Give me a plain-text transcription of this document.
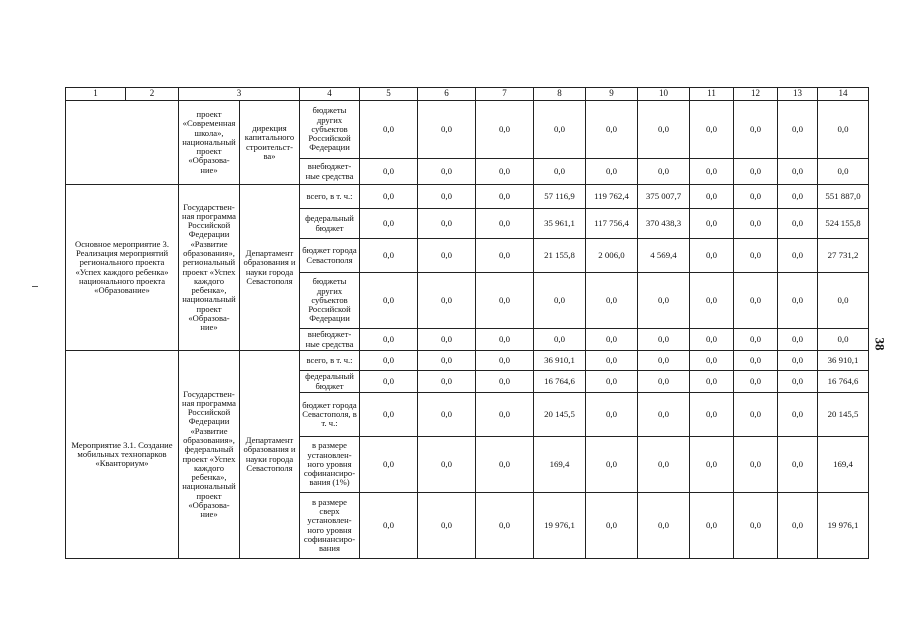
1	2	3		4	5	6	7	8	9	10	11	12	13	14
		проект «Современная школа», национальный проект «Образова-ние»	дирекция капитального строительст-ва»	бюджеты других субъектов Российской Федерации	0,0	0,0	0,0	0,0	0,0	0,0	0,0	0,0	0,0	0,0
				внебюджет-ные средства	0,0	0,0	0,0	0,0	0,0	0,0	0,0	0,0	0,0	0,0
Основное мероприятие 3. Реализация мероприятий регионального проекта «Успех каждого ребенка» национального проекта «Образование»		Государствен-ная программа Российской Федерации «Развитие образования», региональный проект «Успех каждого ребенка», национальный проект «Образова-ние»	Департамент образования и науки города Севастополя	всего, в т. ч.:	0,0	0,0	0,0	57 116,9	119 762,4	375 007,7	0,0	0,0	0,0	551 887,0
				федеральный бюджет	0,0	0,0	0,0	35 961,1	117 756,4	370 438,3	0,0	0,0	0,0	524 155,8
				бюджет города Севастополя	0,0	0,0	0,0	21 155,8	2 006,0	4 569,4	0,0	0,0	0,0	27 731,2
				бюджеты других субъектов Российской Федерации	0,0	0,0	0,0	0,0	0,0	0,0	0,0	0,0	0,0	0,0
				внебюджет-ные средства	0,0	0,0	0,0	0,0	0,0	0,0	0,0	0,0	0,0	0,0
Мероприятие 3.1. Создание мобильных технопарков «Кванториум»		Государствен-ная программа Российской Федерации «Развитие образования», федеральный проект «Успех каждого ребенка», национальный проект «Образова-ние»	Департамент образования и науки города Севастополя	всего, в т. ч.:	0,0	0,0	0,0	36 910,1	0,0	0,0	0,0	0,0	0,0	36 910,1
				федеральный бюджет	0,0	0,0	0,0	16 764,6	0,0	0,0	0,0	0,0	0,0	16 764,6
				бюджет города Севастополя, в т. ч.:	0,0	0,0	0,0	20 145,5	0,0	0,0	0,0	0,0	0,0	20 145,5
				в размере установлен-ного уровня софинансиро-вания (1%)	0,0	0,0	0,0	169,4	0,0	0,0	0,0	0,0	0,0	169,4
				в размере сверх установлен-ного уровня софинансиро-вания	0,0	0,0	0,0	19 976,1	0,0	0,0	0,0	0,0	0,0	19 976,1
38
